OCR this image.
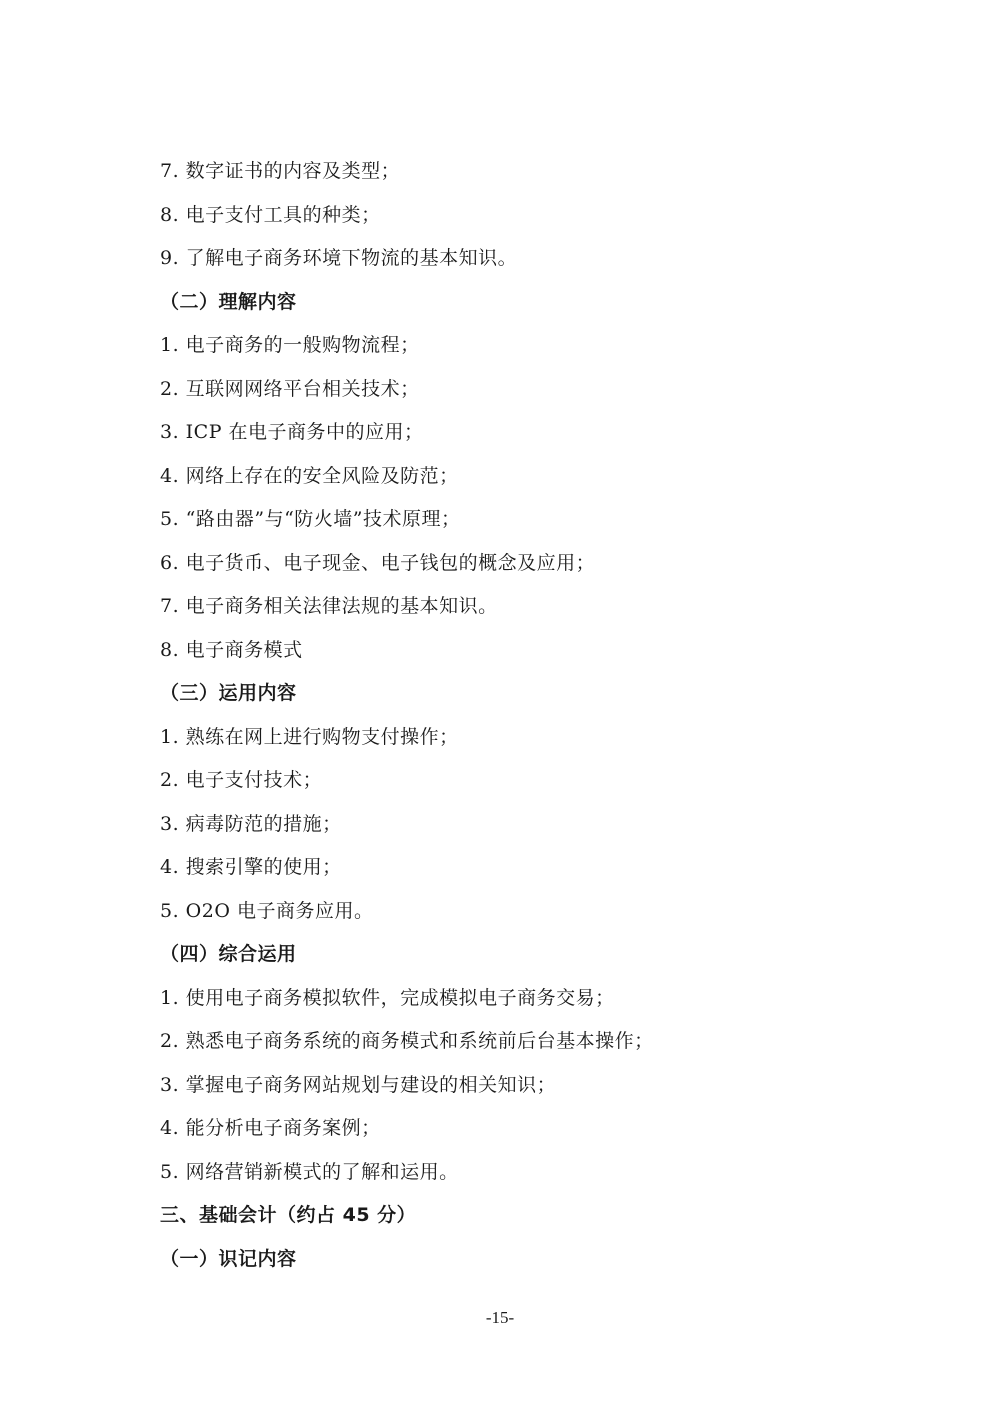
7. 数字证书的内容及类型；
8. 电子支付工具的种类；
9. 了解电子商务环境下物流的基本知识。
（二）理解内容
1. 电子商务的一般购物流程；
2. 互联网网络平台相关技术；
3. ICP 在电子商务中的应用；
4. 网络上存在的安全风险及防范；
5. “路由器”与“防火墙”技术原理；
6. 电子货币、电子现金、电子钱包的概念及应用；
7. 电子商务相关法律法规的基本知识。
8. 电子商务模式
（三）运用内容
1. 熟练在网上进行购物支付操作；
2. 电子支付技术；
3. 病毒防范的措施；
4. 搜索引擎的使用；
5. O2O 电子商务应用。
（四）综合运用
1. 使用电子商务模拟软件，完成模拟电子商务交易；
2. 熟悉电子商务系统的商务模式和系统前后台基本操作；
3. 掌握电子商务网站规划与建设的相关知识；
4. 能分析电子商务案例；
5. 网络营销新模式的了解和运用。
三、基础会计（约占 45 分）
（一）识记内容
-15-
